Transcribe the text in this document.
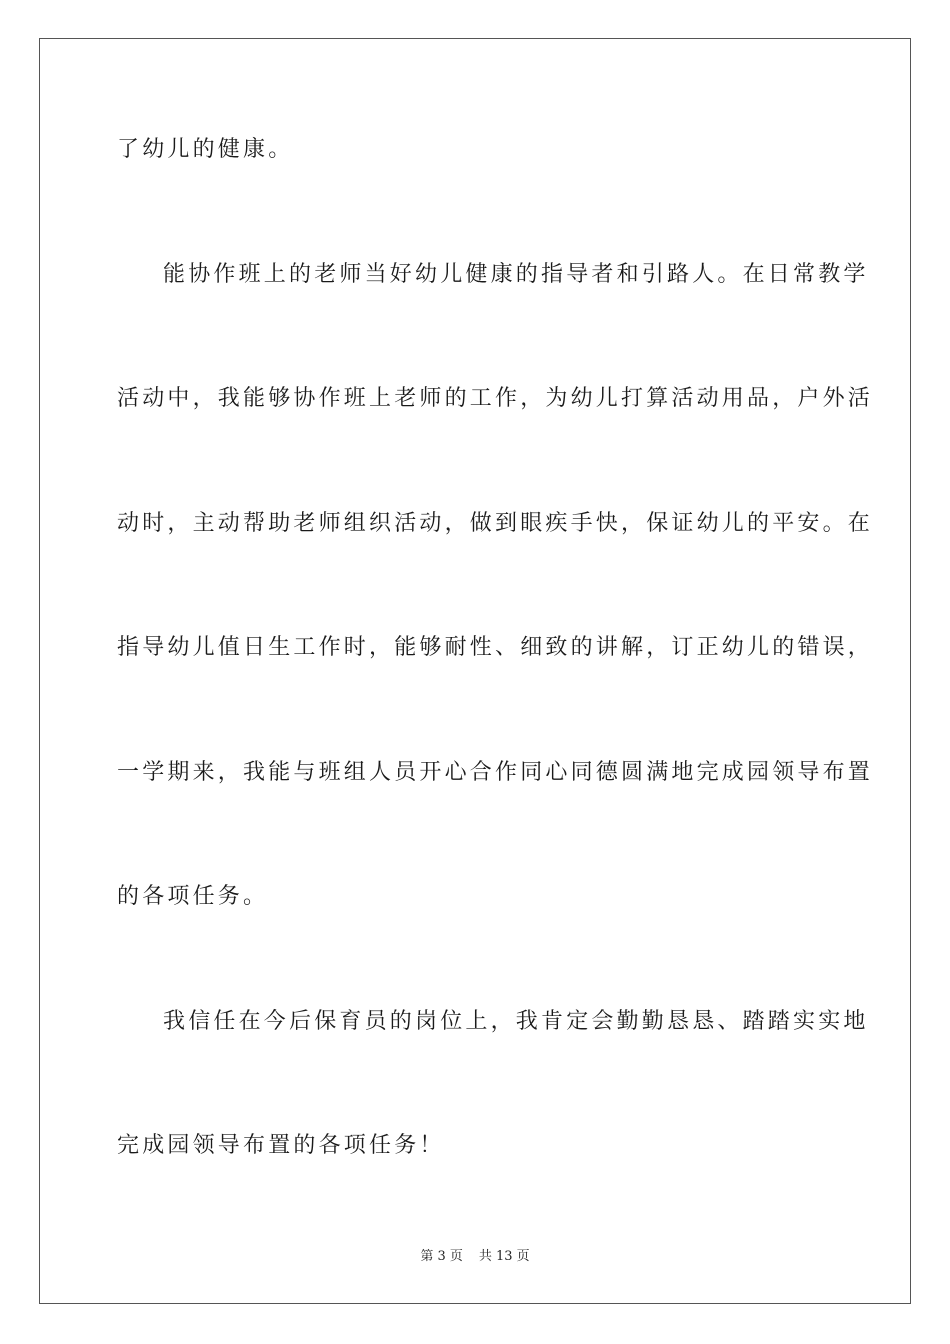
了幼儿的健康。
能协作班上的老师当好幼儿健康的指导者和引路人。在日常教学
活动中，我能够协作班上老师的工作，为幼儿打算活动用品，户外活
动时，主动帮助老师组织活动，做到眼疾手快，保证幼儿的平安。在
指导幼儿值日生工作时，能够耐性、细致的讲解，订正幼儿的错误，
一学期来，我能与班组人员开心合作同心同德圆满地完成园领导布置
的各项任务。
我信任在今后保育员的岗位上，我肯定会勤勤恳恳、踏踏实实地
完成园领导布置的各项任务！
第 3 页 共 13 页
